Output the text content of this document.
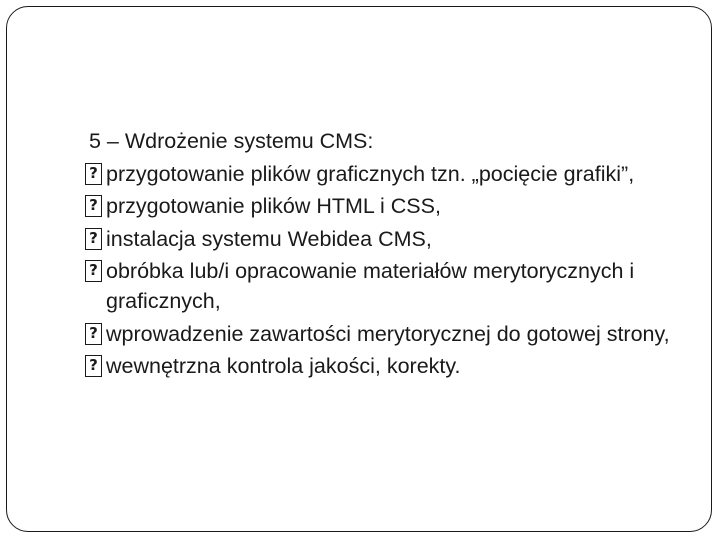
5 – Wdrożenie systemu CMS:
? przygotowanie plików graficznych tzn. „pocięcie grafiki”,
? przygotowanie plików HTML i CSS,
? instalacja systemu Webidea CMS,
? obróbka lub/i opracowanie materiałów merytorycznych i graficznych,
? wprowadzenie zawartości merytorycznej do gotowej strony,
? wewnętrzna kontrola jakości, korekty.
